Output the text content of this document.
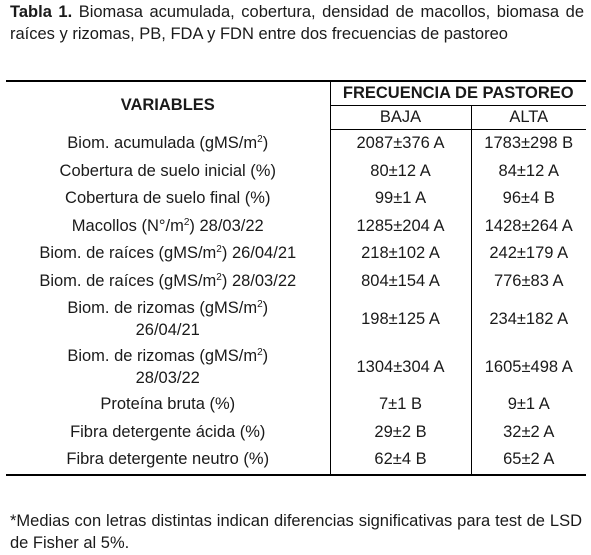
Tabla 1. Biomasa acumulada, cobertura, densidad de macollos, biomasa de raíces y rizomas, PB, FDA y FDN entre dos frecuencias de pastoreo
VARIABLES	FRECUENCIA DE PASTOREO	
	BAJA	ALTA
Biom. acumulada $(gMS/m^2)$	2087±376 A	1783±298 B
Cobertura de suelo inicial (%)	80±12 A	84±12 A
Cobertura de suelo final (%)	99±1 A	96±4 B
Macollos $(N^\circ/m^2)$ 28/03/22	1285±204 A	1428±264 A
Biom. de raíces $(gMS/m^2)$ 26/04/21	218±102 A	242±179 A
Biom. de raíces $(gMS/m^2)$ 28/03/22	804±154 A	776±83 A
Biom. de rizomas $(gMS/m^2)$
26/04/21	198±125 A	234±182 A
Biom. de rizomas $(gMS/m^2)$
28/03/22	1304±304 A	1605±498 A
Proteína bruta (%)	7±1 B	9±1 A
Fibra detergente ácida (%)	29±2 B	32±2 A
Fibra detergente neutro (%)	62±4 B	65±2 A
*Medias con letras distintas indican diferencias significativas para test de LSD de Fisher al 5%.
